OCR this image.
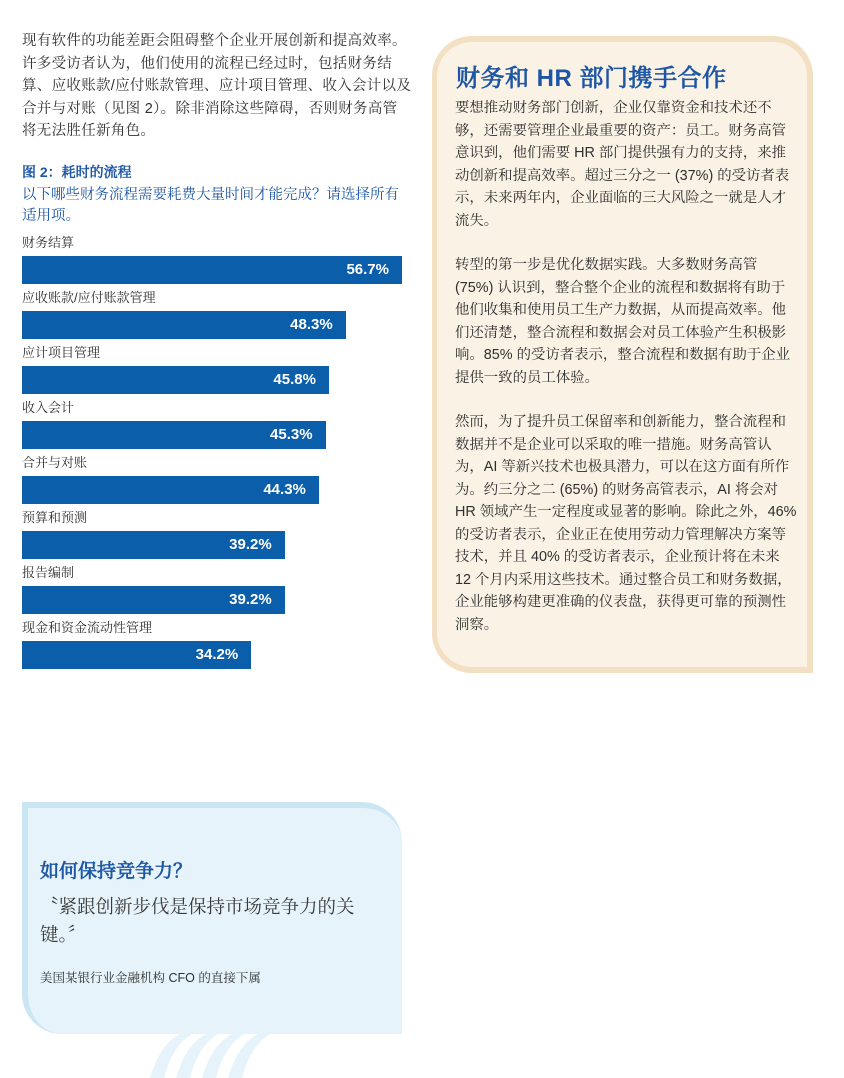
现有软件的功能差距会阻碍整个企业开展创新和提高效率。许多受访者认为，他们使用的流程已经过时，包括财务结算、应收账款/应付账款管理、应计项目管理、收入会计以及合并与对账（见图 2）。除非消除这些障碍，否则财务高管将无法胜任新角色。
图 2：耗时的流程
以下哪些财务流程需要耗费大量时间才能完成？请选择所有适用项。
财务结算
56.7%
应收账款/应付账款管理
48.3%
应计项目管理
45.8%
收入会计
45.3%
合并与对账
44.3%
预算和预测
39.2%
报告编制
39.2%
现金和资金流动性管理
34.2%
财务和 HR 部门携手合作

要想推动财务部门创新，企业仅靠资金和技术还不够，还需要管理企业最重要的资产：员工。财务高管意识到，他们需要 HR 部门提供强有力的支持，来推动创新和提高效率。超过三分之一 (37%) 的受访者表示，未来两年内，企业面临的三大风险之一就是人才流失。

转型的第一步是优化数据实践。大多数财务高管 (75%) 认识到，整合整个企业的流程和数据将有助于他们收集和使用员工生产力数据，从而提高效率。他们还清楚，整合流程和数据会对员工体验产生积极影响。85% 的受访者表示，整合流程和数据有助于企业提供一致的员工体验。

然而，为了提升员工保留率和创新能力，整合流程和数据并不是企业可以采取的唯一措施。财务高管认为，AI 等新兴技术也极具潜力，可以在这方面有所作为。约三分之二 (65%) 的财务高管表示，AI 将会对 HR 领域产生一定程度或显著的影响。除此之外，46% 的受访者表示，企业正在使用劳动力管理解决方案等技术，并且 40% 的受访者表示，企业预计将在未来 12 个月内采用这些技术。通过整合员工和财务数据，企业能够构建更准确的仪表盘，获得更可靠的预测性洞察。

如何保持竞争力？
〝紧跟创新步伐是保持市场竞争力的关键。〞
美国某银行业金融机构 CFO 的直接下属
